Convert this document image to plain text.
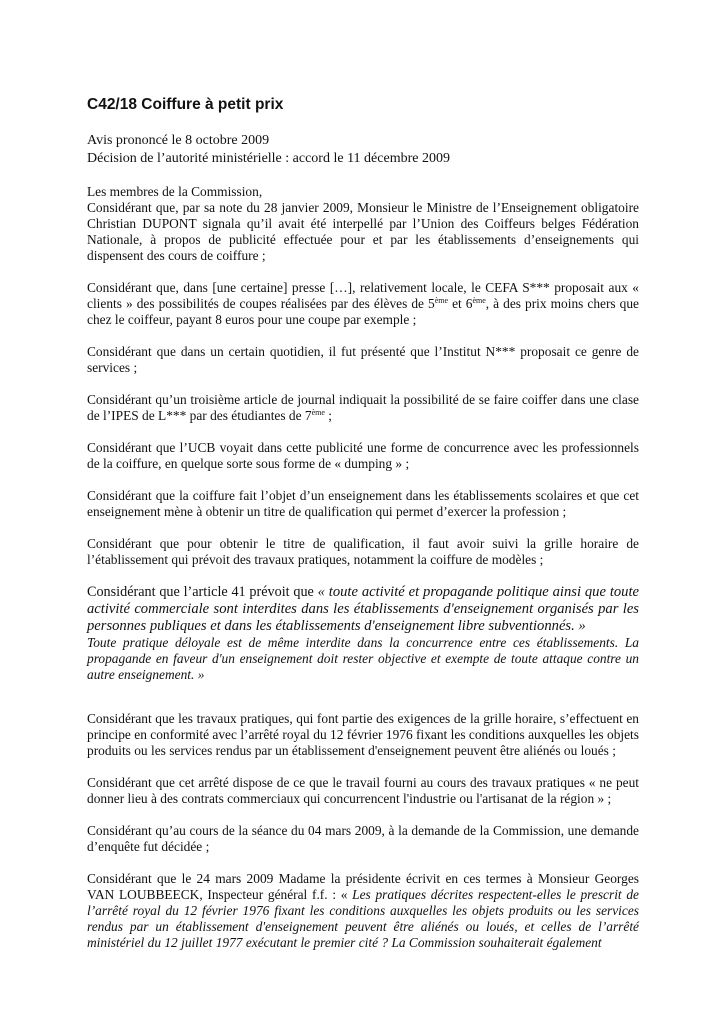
C42/18 Coiffure à petit prix
Avis prononcé le 8 octobre 2009
Décision de l’autorité ministérielle : accord le 11 décembre 2009

Les membres de la Commission,

Considérant que, par sa note du 28 janvier 2009, Monsieur le Ministre de l’Enseignement obligatoire Christian DUPONT signala qu’il avait été interpellé par l’Union des Coiffeurs belges Fédération Nationale, à propos de publicité effectuée pour et par les établissements d’enseignements qui dispensent des cours de coiffure ;

Considérant que, dans [une certaine] presse […], relativement locale, le CEFA S*** proposait aux « clients » des possibilités de coupes réalisées par des élèves de 5ème et 6ème, à des prix moins chers que chez le coiffeur, payant 8 euros pour une coupe par exemple ;

Considérant que dans un certain quotidien, il fut présenté que l’Institut N*** proposait ce genre de services ;

Considérant qu’un troisième article de journal indiquait la possibilité de se faire coiffer dans une clase de l’IPES de L*** par des étudiantes de 7ème ;

Considérant que l’UCB voyait dans cette publicité une forme de concurrence avec les professionnels de la coiffure, en quelque sorte sous forme de « dumping » ;

Considérant que la coiffure fait l’objet d’un enseignement dans les établissements scolaires et que cet enseignement mène à obtenir un titre de qualification qui permet d’exercer la profession ;

Considérant que pour obtenir le titre de qualification, il faut avoir suivi la grille horaire de l’établissement qui prévoit des travaux pratiques, notamment la coiffure de modèles ;

Considérant que l’article 41 prévoit que « toute activité et propagande politique ainsi que toute activité commerciale sont interdites dans les établissements d'enseignement organisés par les personnes publiques et dans les établissements d'enseignement libre subventionnés. »

Toute pratique déloyale est de même interdite dans la concurrence entre ces établissements. La propagande en faveur d'un enseignement doit rester objective et exempte de toute attaque contre un autre enseignement. »

Considérant que les travaux pratiques, qui font partie des exigences de la grille horaire, s’effectuent en principe en conformité avec l’arrêté royal du 12 février 1976 fixant les conditions auxquelles les objets produits ou les services rendus par un établissement d'enseignement peuvent être aliénés ou loués ;

Considérant que cet arrêté dispose de ce que le travail fourni au cours des travaux pratiques « ne peut donner lieu à des contrats commerciaux qui concurrencent l'industrie ou l'artisanat de la région » ;

Considérant qu’au cours de la séance du 04 mars 2009, à la demande de la Commission, une demande d’enquête fut décidée ;

Considérant que le 24 mars 2009 Madame la présidente écrivit en ces termes à Monsieur Georges VAN LOUBBEECK, Inspecteur général f.f. : « Les pratiques décrites respectent-elles le prescrit de l’arrêté royal du 12 février 1976 fixant les conditions auxquelles les objets produits ou les services rendus par un établissement d'enseignement peuvent être aliénés ou loués, et celles de l’arrêté ministériel du 12 juillet 1977 exécutant le premier cité ? La Commission souhaiterait également
